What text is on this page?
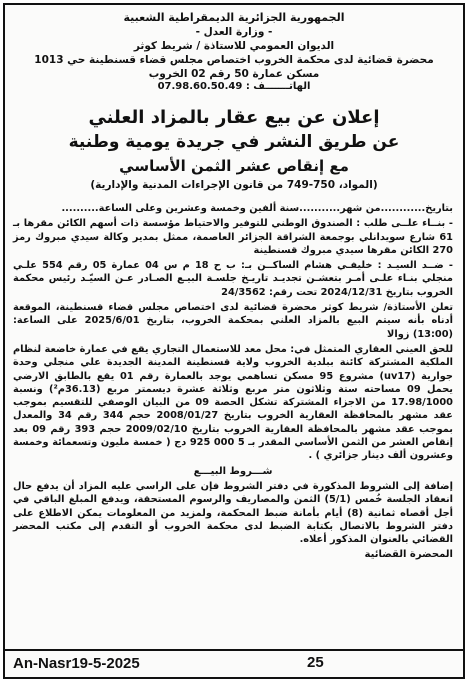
الجمهورية الجزائرية الديمقراطية الشعبية
- وزارة العدل -
الديوان العمومي للاستاذة / شريط كوثر
محضرة قضائية لدى محكمة الخروب اختصاص مجلس قضاء قسنطينة حي 1013
مسكن عمارة 50 رقم 02 الخروب
الهاتـــــــف : 07.98.60.50.49
إعلان عن بيع عقار بالمزاد العلني
عن طريق النشر في جريدة يومية وطنية
مع إنقاص عشر الثمن الأساسي
(المواد، 750-749 من قانون الإجراءات المدنية والإدارية)

بتاريخ............من شهر...........سنة ألفين وخمسة وعشرين وعلى الساعة..........

- بنــاء علــى طلب : الصندوق الوطني للتوفير والاحتياط مؤسسة ذات أسهم الكائن مقرها بـ 61 شارع سويدانلي بوجمعة الشراقة الجزائر العاصمة، ممثل بمدير وكالة سيدي مبروك رمز 270 الكائن مقرها سيدي مبروك قسنطينة

- ضــد السيـد : خليفـي هشام الساكــن بـ: ب ح 18 م س 04 عمارة 05 رقم 554 علـي منجلي بنـاء علـى أمـر بتعشـن تجديـد تاريـخ جلسـة البيـع الصـادر عـن السيّـد رئيس محكمة الخروب بتاريخ 2024/12/31 تحت رقم: 24/3562

تعلن الأستاذة/ شريط كوثر محضرة قضائية لدى اختصاص مجلس قضاء قسنطينة، الموقعة أدناه بأنه سيتم البيع بالمزاد العلني بمحكمة الخروب، بتاريخ 2025/6/01 على الساعة: (13:00) زوالا

للحق العيني العقاري المتمثل في: محل معد للاستعمال التجاري يقع في عمارة خاضعة لنظام الملكية المشتركة كائنة ببلدية الخروب ولاية قسنطينة المدينة الجديدة علي منجلي وحدة جوارية (uv17) مشروع 95 مسكن تساهمي يوجد بالعمارة رقم 01 يقع بالطابق الارضي يحمل 09 مساحته ستة وثلاثون متر مربع وثلاثة عشرة ديسمتر مربع (36.13م²) ونسبة 17.98/1000 من الاجزاء المشتركة تشكل الحصة 09 من البيان الوصفي للتقسيم بموجب عقد مشهر بالمحافظة العقارية الخروب بتاريخ 2008/01/27 حجم 344 رقم 34 والمعدل بموجب عقد مشهر بالمحافظة العقارية الخروب بتاريخ 2009/02/10 حجم 393 رقم 09 بعد إنقاص العشر من الثمن الأساسي المقدر بـ 5 000 925 دج ( خمسة مليون وتسعمائة وخمسة وعشرون ألف دينار جزائري ) .

شـــروط البيـــع

إضافة إلى الشروط المذكورة في دفتر الشروط فإن على الراسي عليه المزاد أن يدفع حال انعقاد الجلسة خُمس (5/1) الثمن والمصاريف والرسوم المستحقة، ويدفع المبلغ الباقي في أجل أقصاه ثمانية (8) أيام بأمانة ضبط المحكمة، ولمزيد من المعلومات يمكن الاطلاع على دفتر الشروط بالاتصال بكتابة الضبط لدى محكمة الخروب أو التقدم إلى مكتب المحضر القضائي بالعنوان المذكور أعلاه.

المحضرة القضائية
An-Nasr19-5-2025	25
